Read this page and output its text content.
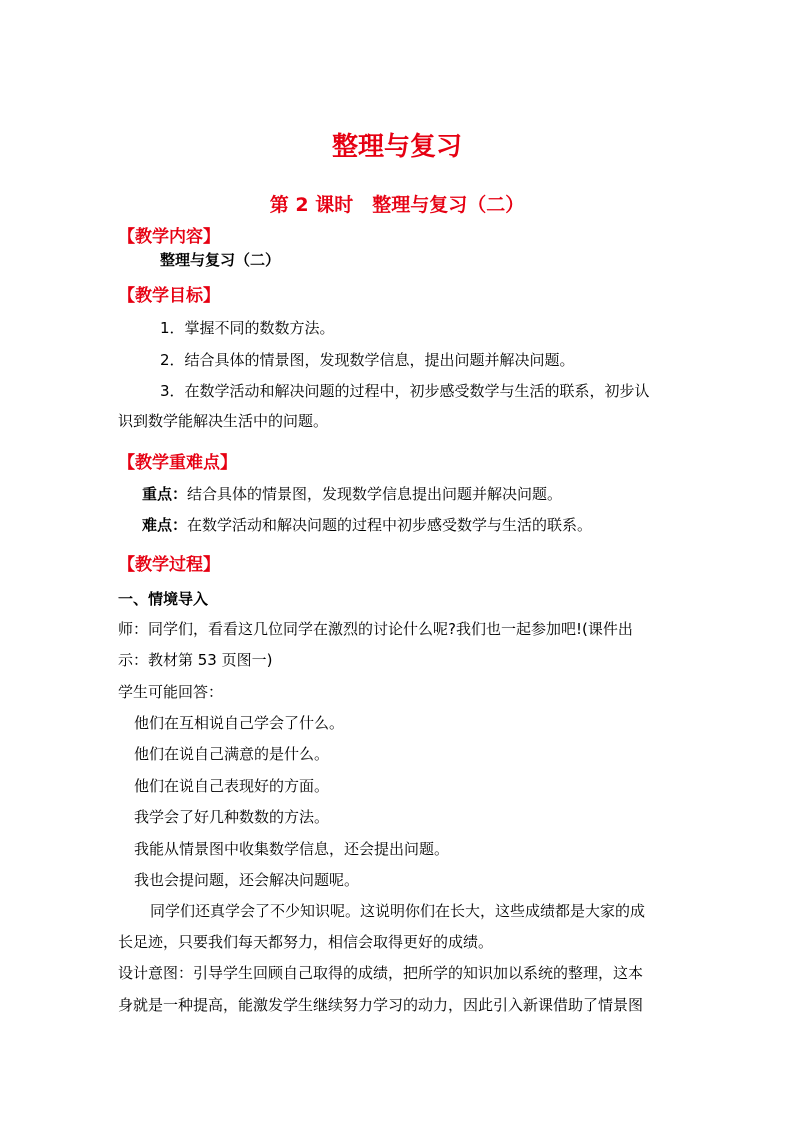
整理与复习
第 2 课时　整理与复习（二）
【教学内容】
整理与复习（二）
【教学目标】
1．掌握不同的数数方法。
2．结合具体的情景图，发现数学信息，提出问题并解决问题。
3．在数学活动和解决问题的过程中，初步感受数学与生活的联系，初步认
识到数学能解决生活中的问题。
【教学重难点】
重点：结合具体的情景图，发现数学信息提出问题并解决问题。
难点：在数学活动和解决问题的过程中初步感受数学与生活的联系。
【教学过程】
一、情境导入
师：同学们，看看这几位同学在激烈的讨论什么呢?我们也一起参加吧!(课件出
示：教材第 53 页图一)
学生可能回答：
他们在互相说自己学会了什么。
他们在说自己满意的是什么。
他们在说自己表现好的方面。
我学会了好几种数数的方法。
我能从情景图中收集数学信息，还会提出问题。
我也会提问题，还会解决问题呢。
同学们还真学会了不少知识呢。这说明你们在长大，这些成绩都是大家的成
长足迹，只要我们每天都努力，相信会取得更好的成绩。
设计意图：引导学生回顾自己取得的成绩，把所学的知识加以系统的整理，这本
身就是一种提高，能激发学生继续努力学习的动力，因此引入新课借助了情景图
